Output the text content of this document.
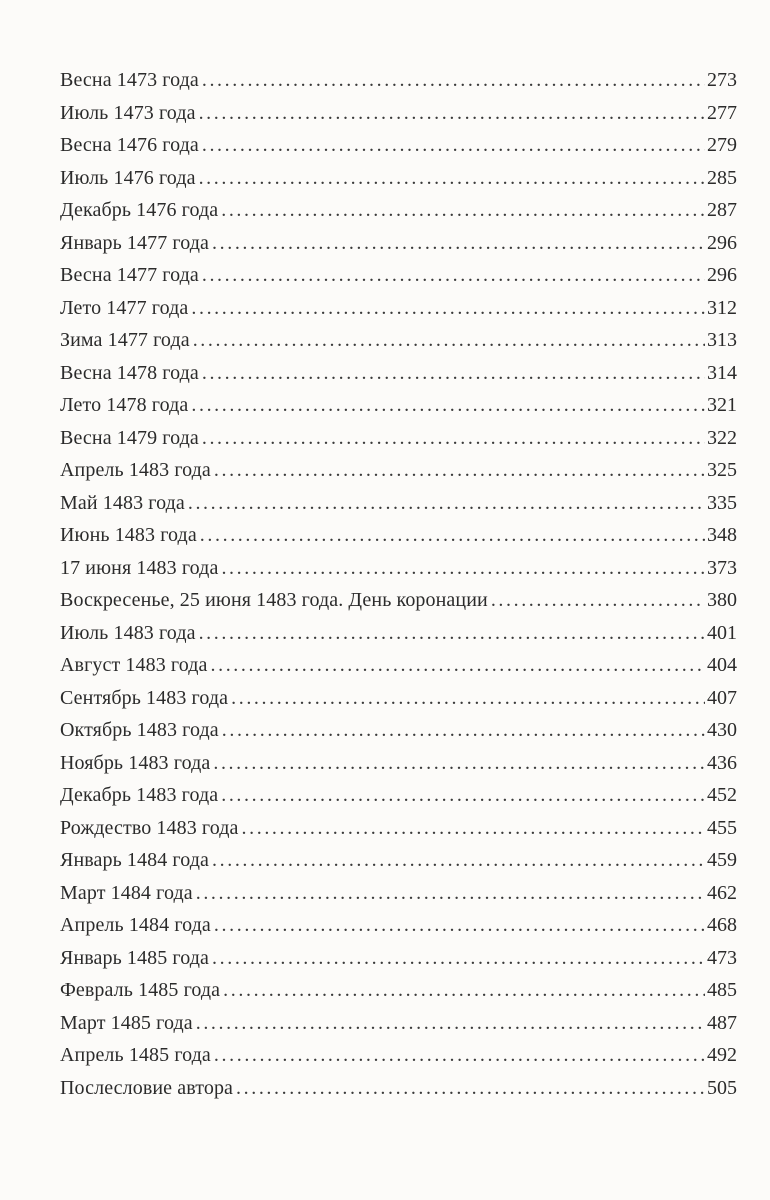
Весна 1473 года .....	273
Июль 1473 года .....	277
Весна 1476 года .....	279
Июль 1476 года .....	285
Декабрь 1476 года .....	287
Январь 1477 года .....	296
Весна 1477 года .....	296
Лето 1477 года .....	312
Зима 1477 года .....	313
Весна 1478 года .....	314
Лето 1478 года .....	321
Весна 1479 года .....	322
Апрель 1483 года .....	325
Май 1483 года .....	335
Июнь 1483 года .....	348
17 июня 1483 года .....	373
Воскресенье, 25 июня 1483 года. День коронации .....	380
Июль 1483 года .....	401
Август 1483 года .....	404
Сентябрь 1483 года .....	407
Октябрь 1483 года .....	430
Ноябрь 1483 года .....	436
Декабрь 1483 года .....	452
Рождество 1483 года .....	455
Январь 1484 года .....	459
Март 1484 года .....	462
Апрель 1484 года .....	468
Январь 1485 года .....	473
Февраль 1485 года .....	485
Март 1485 года .....	487
Апрель 1485 года .....	492
Послесловие автора .....	505
